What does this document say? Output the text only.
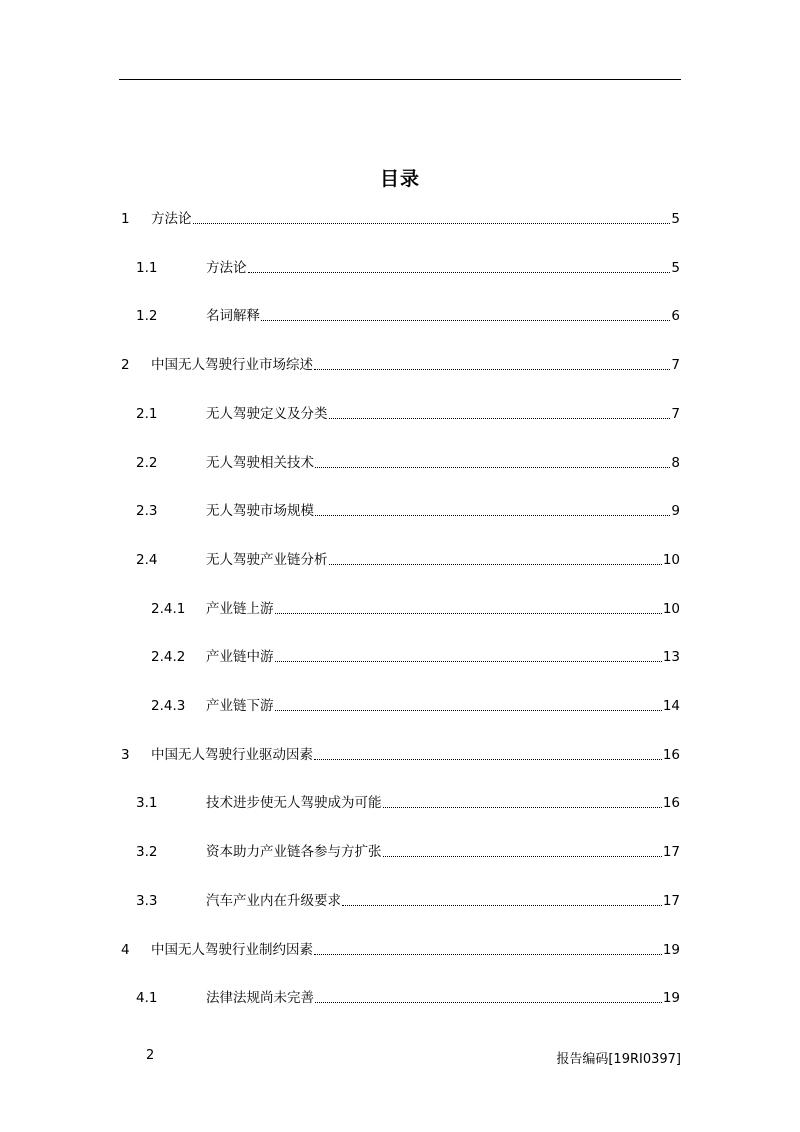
目录
1	方法论	5
1.1	方法论	5
1.2	名词解释	6
2	中国无人驾驶行业市场综述	7
2.1	无人驾驶定义及分类	7
2.2	无人驾驶相关技术	8
2.3	无人驾驶市场规模	9
2.4	无人驾驶产业链分析	10
2.4.1	产业链上游	10
2.4.2	产业链中游	13
2.4.3	产业链下游	14
3	中国无人驾驶行业驱动因素	16
3.1	技术进步使无人驾驶成为可能	16
3.2	资本助力产业链各参与方扩张	17
3.3	汽车产业内在升级要求	17
4	中国无人驾驶行业制约因素	19
4.1	法律法规尚未完善	19
2	报告编码[19RI0397]
